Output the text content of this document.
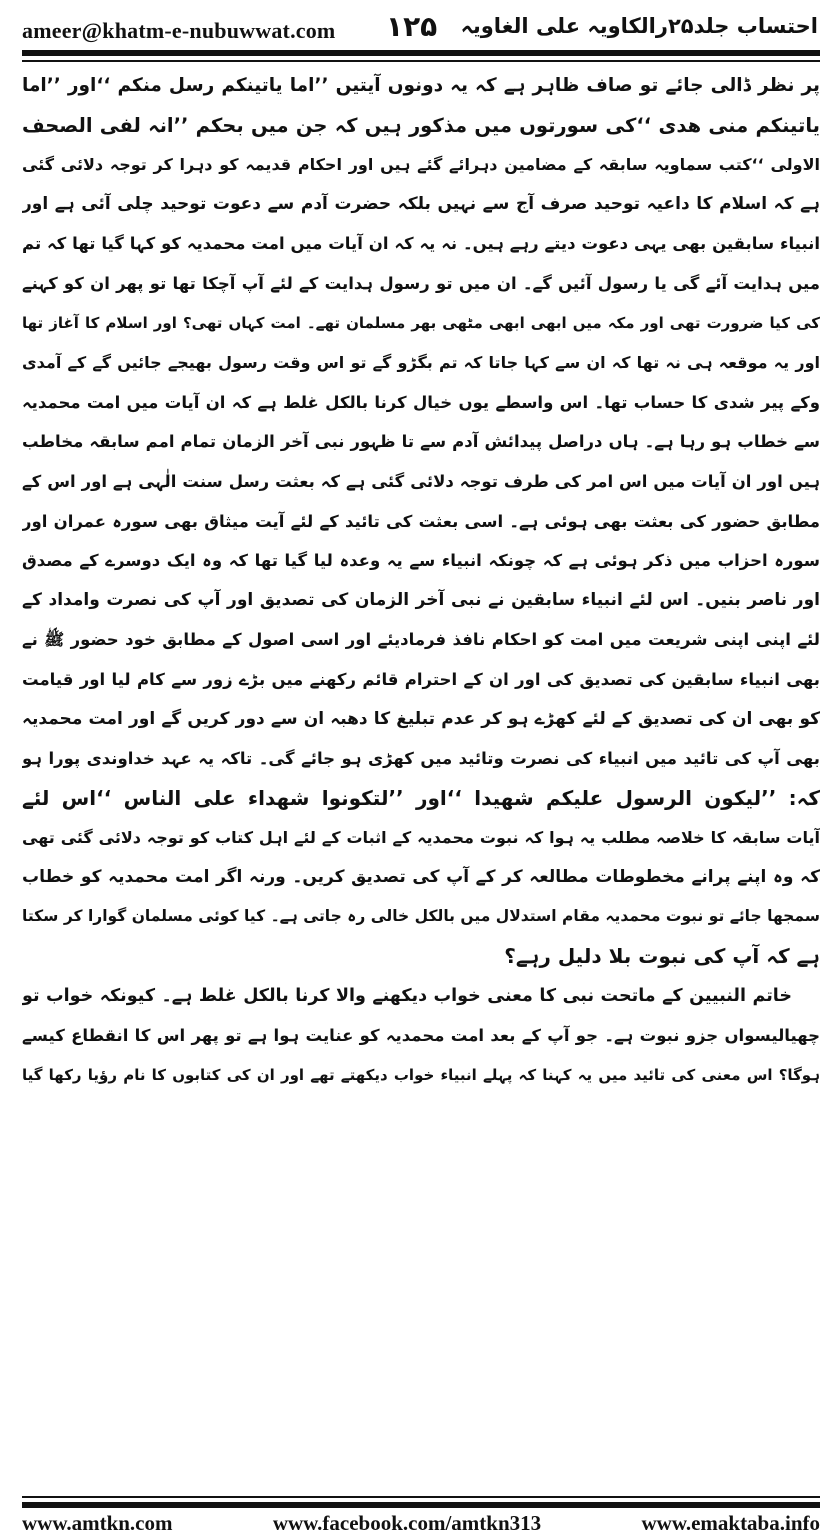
ameer@khatm-e-nubuwwat.com ۱۲۵ احتساب جلد۲۵رالکاویہ علی الغاویہ
پر نظر ڈالی جائے تو صاف ظاہر ہے کہ یہ دونوں آیتیں ’’اما یاتینکم رسل منکم ‘‘اور ’’اما
یاتینکم منی ھدی ‘‘کی سورتوں میں مذکور ہیں کہ جن میں بحکم ’’انہ لفی الصحف
الاولی ‘‘کتب سماویہ سابقہ کے مضامین دہرائے گئے ہیں اور احکام قدیمہ کو دہرا کر توجہ دلائی گئی
ہے کہ اسلام کا داعیہ توحید صرف آج سے نہیں بلکہ حضرت آدم سے دعوت توحید چلی آئی ہے اور
انبیاء سابقین بھی یہی دعوت دیتے رہے ہیں۔ نہ یہ کہ ان آیات میں امت محمدیہ کو کہا گیا تھا کہ تم
میں ہدایت آئے گی یا رسول آئیں گے۔ ان میں تو رسول ہدایت کے لئے آپ آچکا تھا تو پھر ان کو کہنے
کی کیا ضرورت تھی اور مکہ میں ابھی ابھی مٹھی بھر مسلمان تھے۔ امت کہاں تھی؟ اور اسلام کا آغاز تھا
اور یہ موقعہ ہی نہ تھا کہ ان سے کہا جاتا کہ تم بگڑو گے تو اس وقت رسول بھیجے جائیں گے کے آمدی
وکے پیر شدی کا حساب تھا۔ اس واسطے یوں خیال کرنا بالکل غلط ہے کہ ان آیات میں امت محمدیہ
سے خطاب ہو رہا ہے۔ ہاں دراصل پیدائش آدم سے تا ظہور نبی آخر الزمان تمام امم سابقہ مخاطب
ہیں اور ان آیات میں اس امر کی طرف توجہ دلائی گئی ہے کہ بعثت رسل سنت الٰہی ہے اور اس کے
مطابق حضور کی بعثت بھی ہوئی ہے۔ اسی بعثت کی تائید کے لئے آیت میثاق بھی سورہ عمران اور
سورہ احزاب میں ذکر ہوئی ہے کہ چونکہ انبیاء سے یہ وعدہ لیا گیا تھا کہ وہ ایک دوسرے کے مصدق
اور ناصر بنیں۔ اس لئے انبیاء سابقین نے نبی آخر الزمان کی تصدیق اور آپ کی نصرت وامداد کے
لئے اپنی اپنی شریعت میں امت کو احکام نافذ فرمادیئے اور اسی اصول کے مطابق خود حضور ﷺ نے
بھی انبیاء سابقین کی تصدیق کی اور ان کے احترام قائم رکھنے میں بڑے زور سے کام لیا اور قیامت
کو بھی ان کی تصدیق کے لئے کھڑے ہو کر عدم تبلیغ کا دھبہ ان سے دور کریں گے اور امت محمدیہ
بھی آپ کی تائید میں انبیاء کی نصرت وتائید میں کھڑی ہو جائے گی۔ تاکہ یہ عہد خداوندی پورا ہو
کہ: ’’لیکون الرسول علیکم شھیدا ‘‘اور ’’لتکونوا شھداء علی الناس ‘‘اس لئے
آیات سابقہ کا خلاصہ مطلب یہ ہوا کہ نبوت محمدیہ کے اثبات کے لئے اہل کتاب کو توجہ دلائی گئی تھی
کہ وہ اپنے پرانے مخطوطات مطالعہ کر کے آپ کی تصدیق کریں۔ ورنہ اگر امت محمدیہ کو خطاب
سمجھا جائے تو نبوت محمدیہ مقام استدلال میں بالکل خالی رہ جاتی ہے۔ کیا کوئی مسلمان گوارا کر سکتا
ہے کہ آپ کی نبوت بلا دلیل رہے؟
خاتم النبیین کے ماتحت نبی کا معنی خواب دیکھنے والا کرنا بالکل غلط ہے۔ کیونکہ خواب تو
چھیالیسواں جزو نبوت ہے۔ جو آپ کے بعد امت محمدیہ کو عنایت ہوا ہے تو پھر اس کا انقطاع کیسے
ہوگا؟ اس معنی کی تائید میں یہ کہنا کہ پہلے انبیاء خواب دیکھتے تھے اور ان کی کتابوں کا نام رؤیا رکھا گیا
www.amtkn.com	www.facebook.com/amtkn313	www.emaktaba.info
